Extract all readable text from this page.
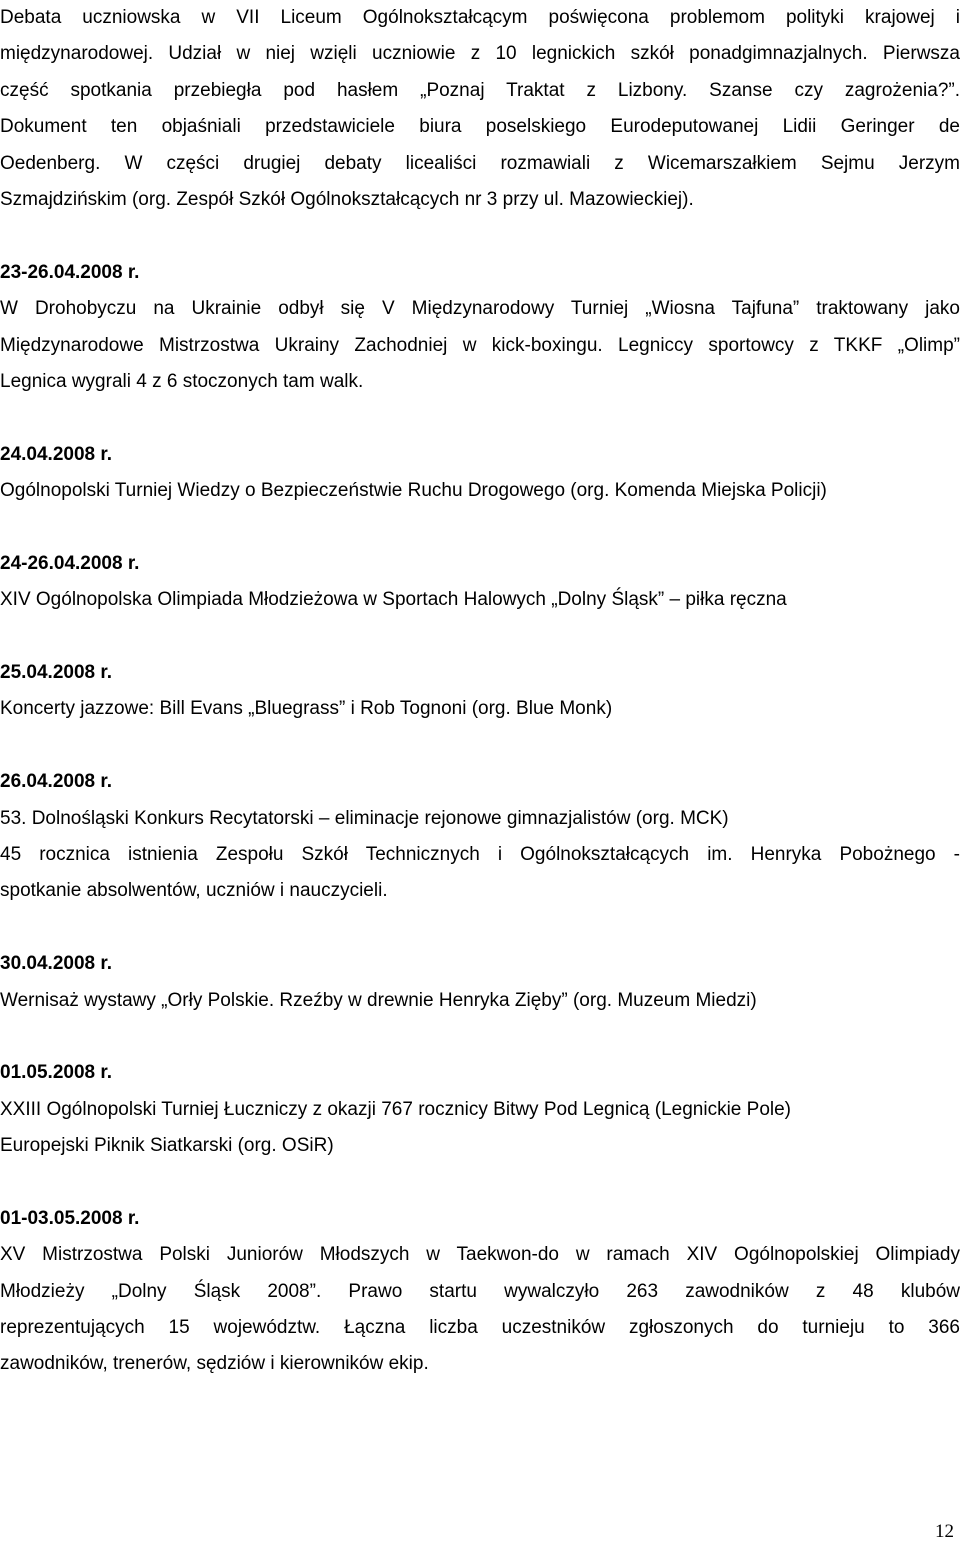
Debata uczniowska w VII Liceum Ogólnokształcącym poświęcona problemom polityki krajowej i
międzynarodowej. Udział w niej wzięli uczniowie z 10 legnickich szkół ponadgimnazjalnych. Pierwsza
część spotkania przebiegła pod hasłem „Poznaj Traktat z Lizbony. Szanse czy zagrożenia?”.
Dokument ten objaśniali przedstawiciele biura poselskiego Eurodeputowanej Lidii Geringer de
Oedenberg. W części drugiej debaty licealiści rozmawiali z Wicemarszałkiem Sejmu Jerzym
Szmajdzińskim (org. Zespół Szkół Ogólnokształcących nr 3 przy ul. Mazowieckiej).
23-26.04.2008 r.
W Drohobyczu na Ukrainie odbył się V Międzynarodowy Turniej „Wiosna Tajfuna” traktowany jako
Międzynarodowe Mistrzostwa Ukrainy Zachodniej w kick-boxingu. Legniccy sportowcy z TKKF „Olimp”
Legnica wygrali 4 z 6 stoczonych tam walk.
24.04.2008 r.
Ogólnopolski Turniej Wiedzy o Bezpieczeństwie Ruchu Drogowego (org. Komenda Miejska Policji)
24-26.04.2008 r.
XIV Ogólnopolska Olimpiada Młodzieżowa w Sportach Halowych „Dolny Śląsk” – piłka ręczna
25.04.2008 r.
Koncerty jazzowe: Bill Evans „Bluegrass” i Rob Tognoni (org. Blue Monk)
26.04.2008 r.
53. Dolnośląski Konkurs Recytatorski – eliminacje rejonowe gimnazjalistów (org. MCK)
45 rocznica istnienia Zespołu Szkół Technicznych i Ogólnokształcących im. Henryka Pobożnego -
spotkanie absolwentów, uczniów i nauczycieli.
30.04.2008 r.
Wernisaż wystawy „Orły Polskie. Rzeźby w drewnie Henryka Zięby” (org. Muzeum Miedzi)
01.05.2008 r.
XXIII Ogólnopolski Turniej Łuczniczy z okazji 767 rocznicy Bitwy Pod Legnicą (Legnickie Pole)
Europejski Piknik Siatkarski (org. OSiR)
01-03.05.2008 r.
XV Mistrzostwa Polski Juniorów Młodszych w Taekwon-do w ramach XIV Ogólnopolskiej Olimpiady
Młodzieży „Dolny Śląsk 2008”. Prawo startu wywalczyło 263 zawodników z 48 klubów
reprezentujących 15 województw. Łączna liczba uczestników zgłoszonych do turnieju to 366
zawodników, trenerów, sędziów i kierowników ekip.
12
